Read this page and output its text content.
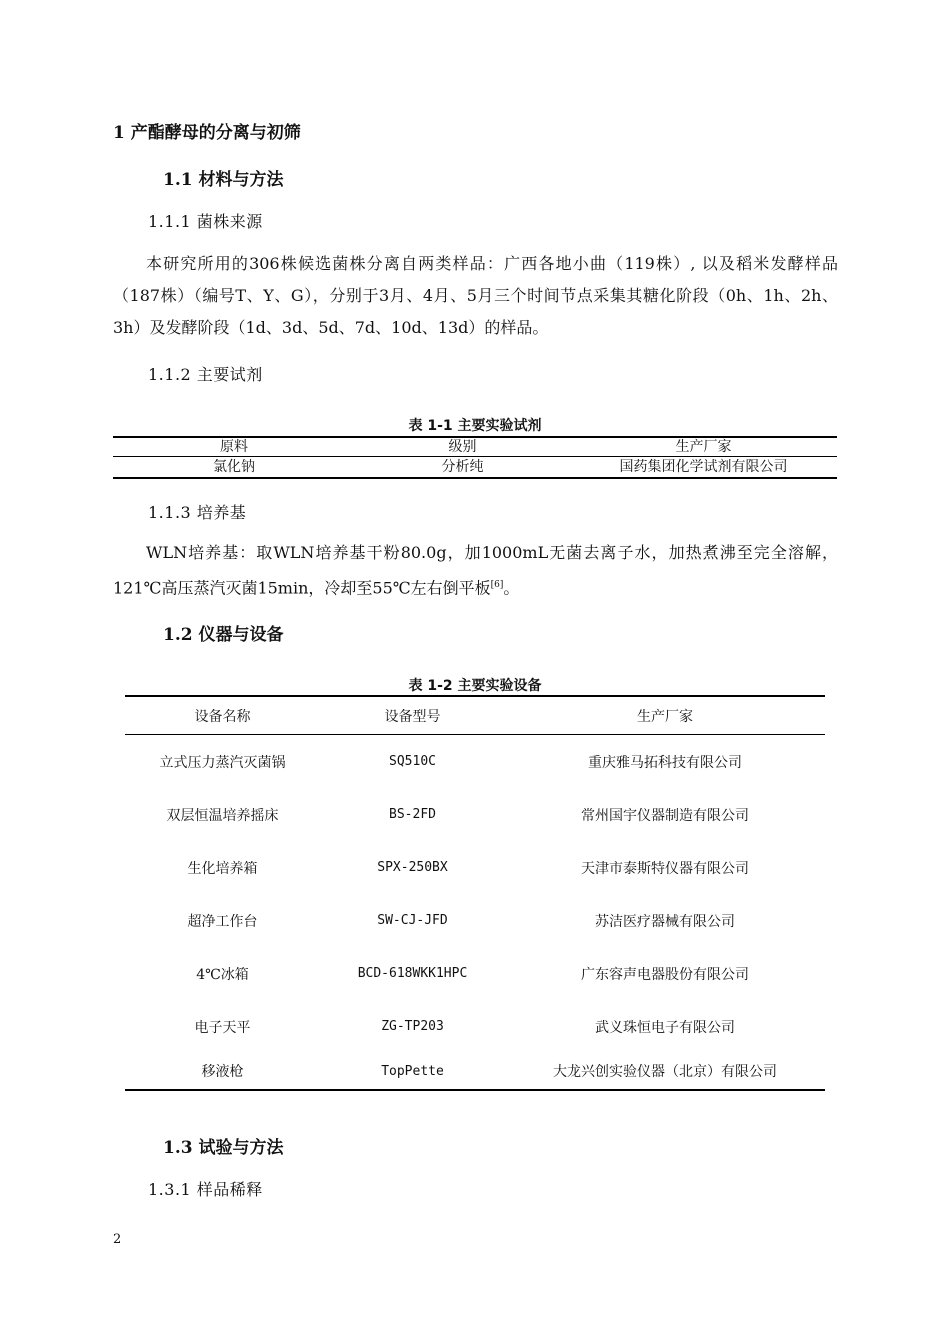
1 产酯酵母的分离与初筛
1.1 材料与方法
1.1.1 菌株来源
本研究所用的306株候选菌株分离自两类样品：广西各地小曲（119株）, 以及稻米发酵样品（187株）（编号T、Y、G），分别于3月、4月、5月三个时间节点采集其糖化阶段（0h、1h、2h、3h）及发酵阶段（1d、3d、5d、7d、10d、13d）的样品。
1.1.2 主要试剂
表 1-1 主要实验试剂
原料	级别	生产厂家
氯化钠	分析纯	国药集团化学试剂有限公司
1.1.3 培养基
WLN培养基：取WLN培养基干粉80.0g，加1000mL无菌去离子水，加热煮沸至完全溶解，121℃高压蒸汽灭菌15min，冷却至55℃左右倒平板[6]。
1.2 仪器与设备
表 1-2 主要实验设备
设备名称	设备型号	生产厂家
立式压力蒸汽灭菌锅	SQ510C	重庆雅马拓科技有限公司
双层恒温培养摇床	BS-2FD	常州国宇仪器制造有限公司
生化培养箱	SPX-250BX	天津市泰斯特仪器有限公司
超净工作台	SW-CJ-JFD	苏洁医疗器械有限公司
4℃冰箱	BCD-618WKK1HPC	广东容声电器股份有限公司
电子天平	ZG-TP203	武义珠恒电子有限公司
移液枪	TopPette	大龙兴创实验仪器（北京）有限公司
1.3 试验与方法
1.3.1 样品稀释
2
